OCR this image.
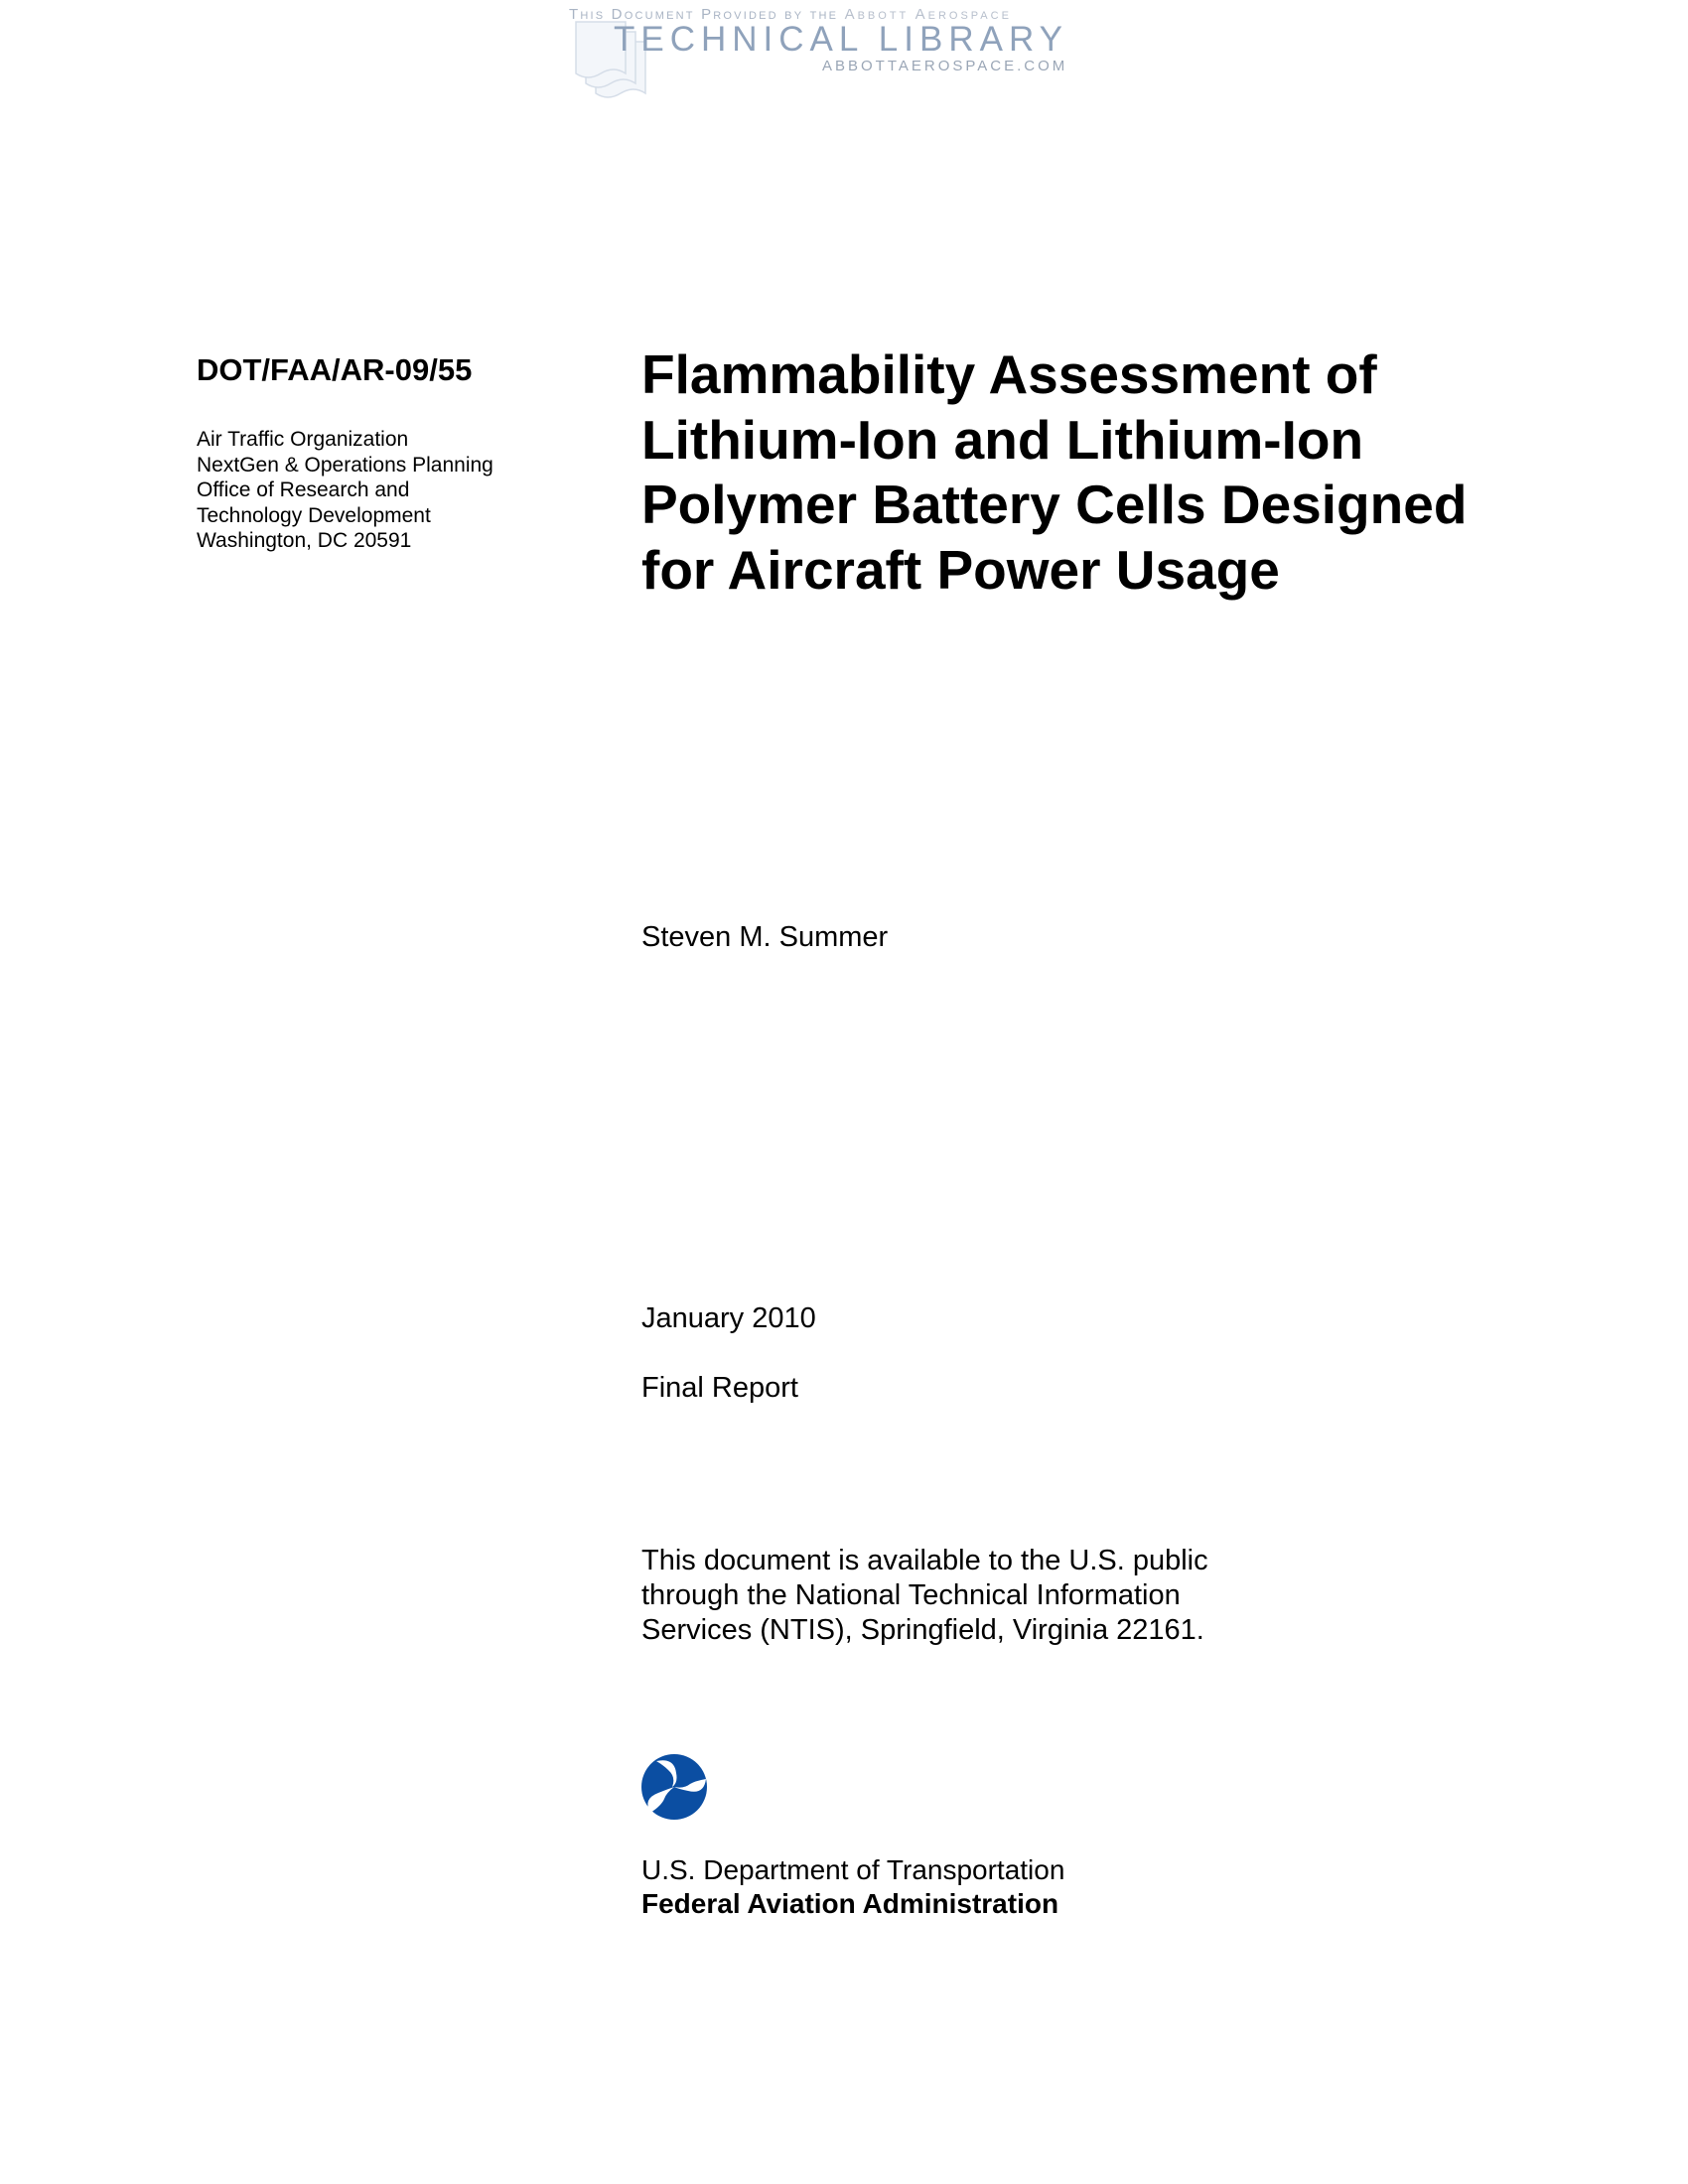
This Document Provided by the Abbott Aerospace
TECHNICAL LIBRARY
ABBOTTAEROSPACE.COM
DOT/FAA/AR-09/55
Air Traffic Organization
NextGen & Operations Planning
Office of Research and
Technology Development
Washington, DC 20591
Flammability Assessment of
Lithium-Ion and Lithium-Ion
Polymer Battery Cells Designed
for Aircraft Power Usage
Steven M. Summer
January 2010
Final Report
This document is available to the U.S. public
through the National Technical Information
Services (NTIS), Springfield, Virginia 22161.
U.S. Department of Transportation
Federal Aviation Administration
